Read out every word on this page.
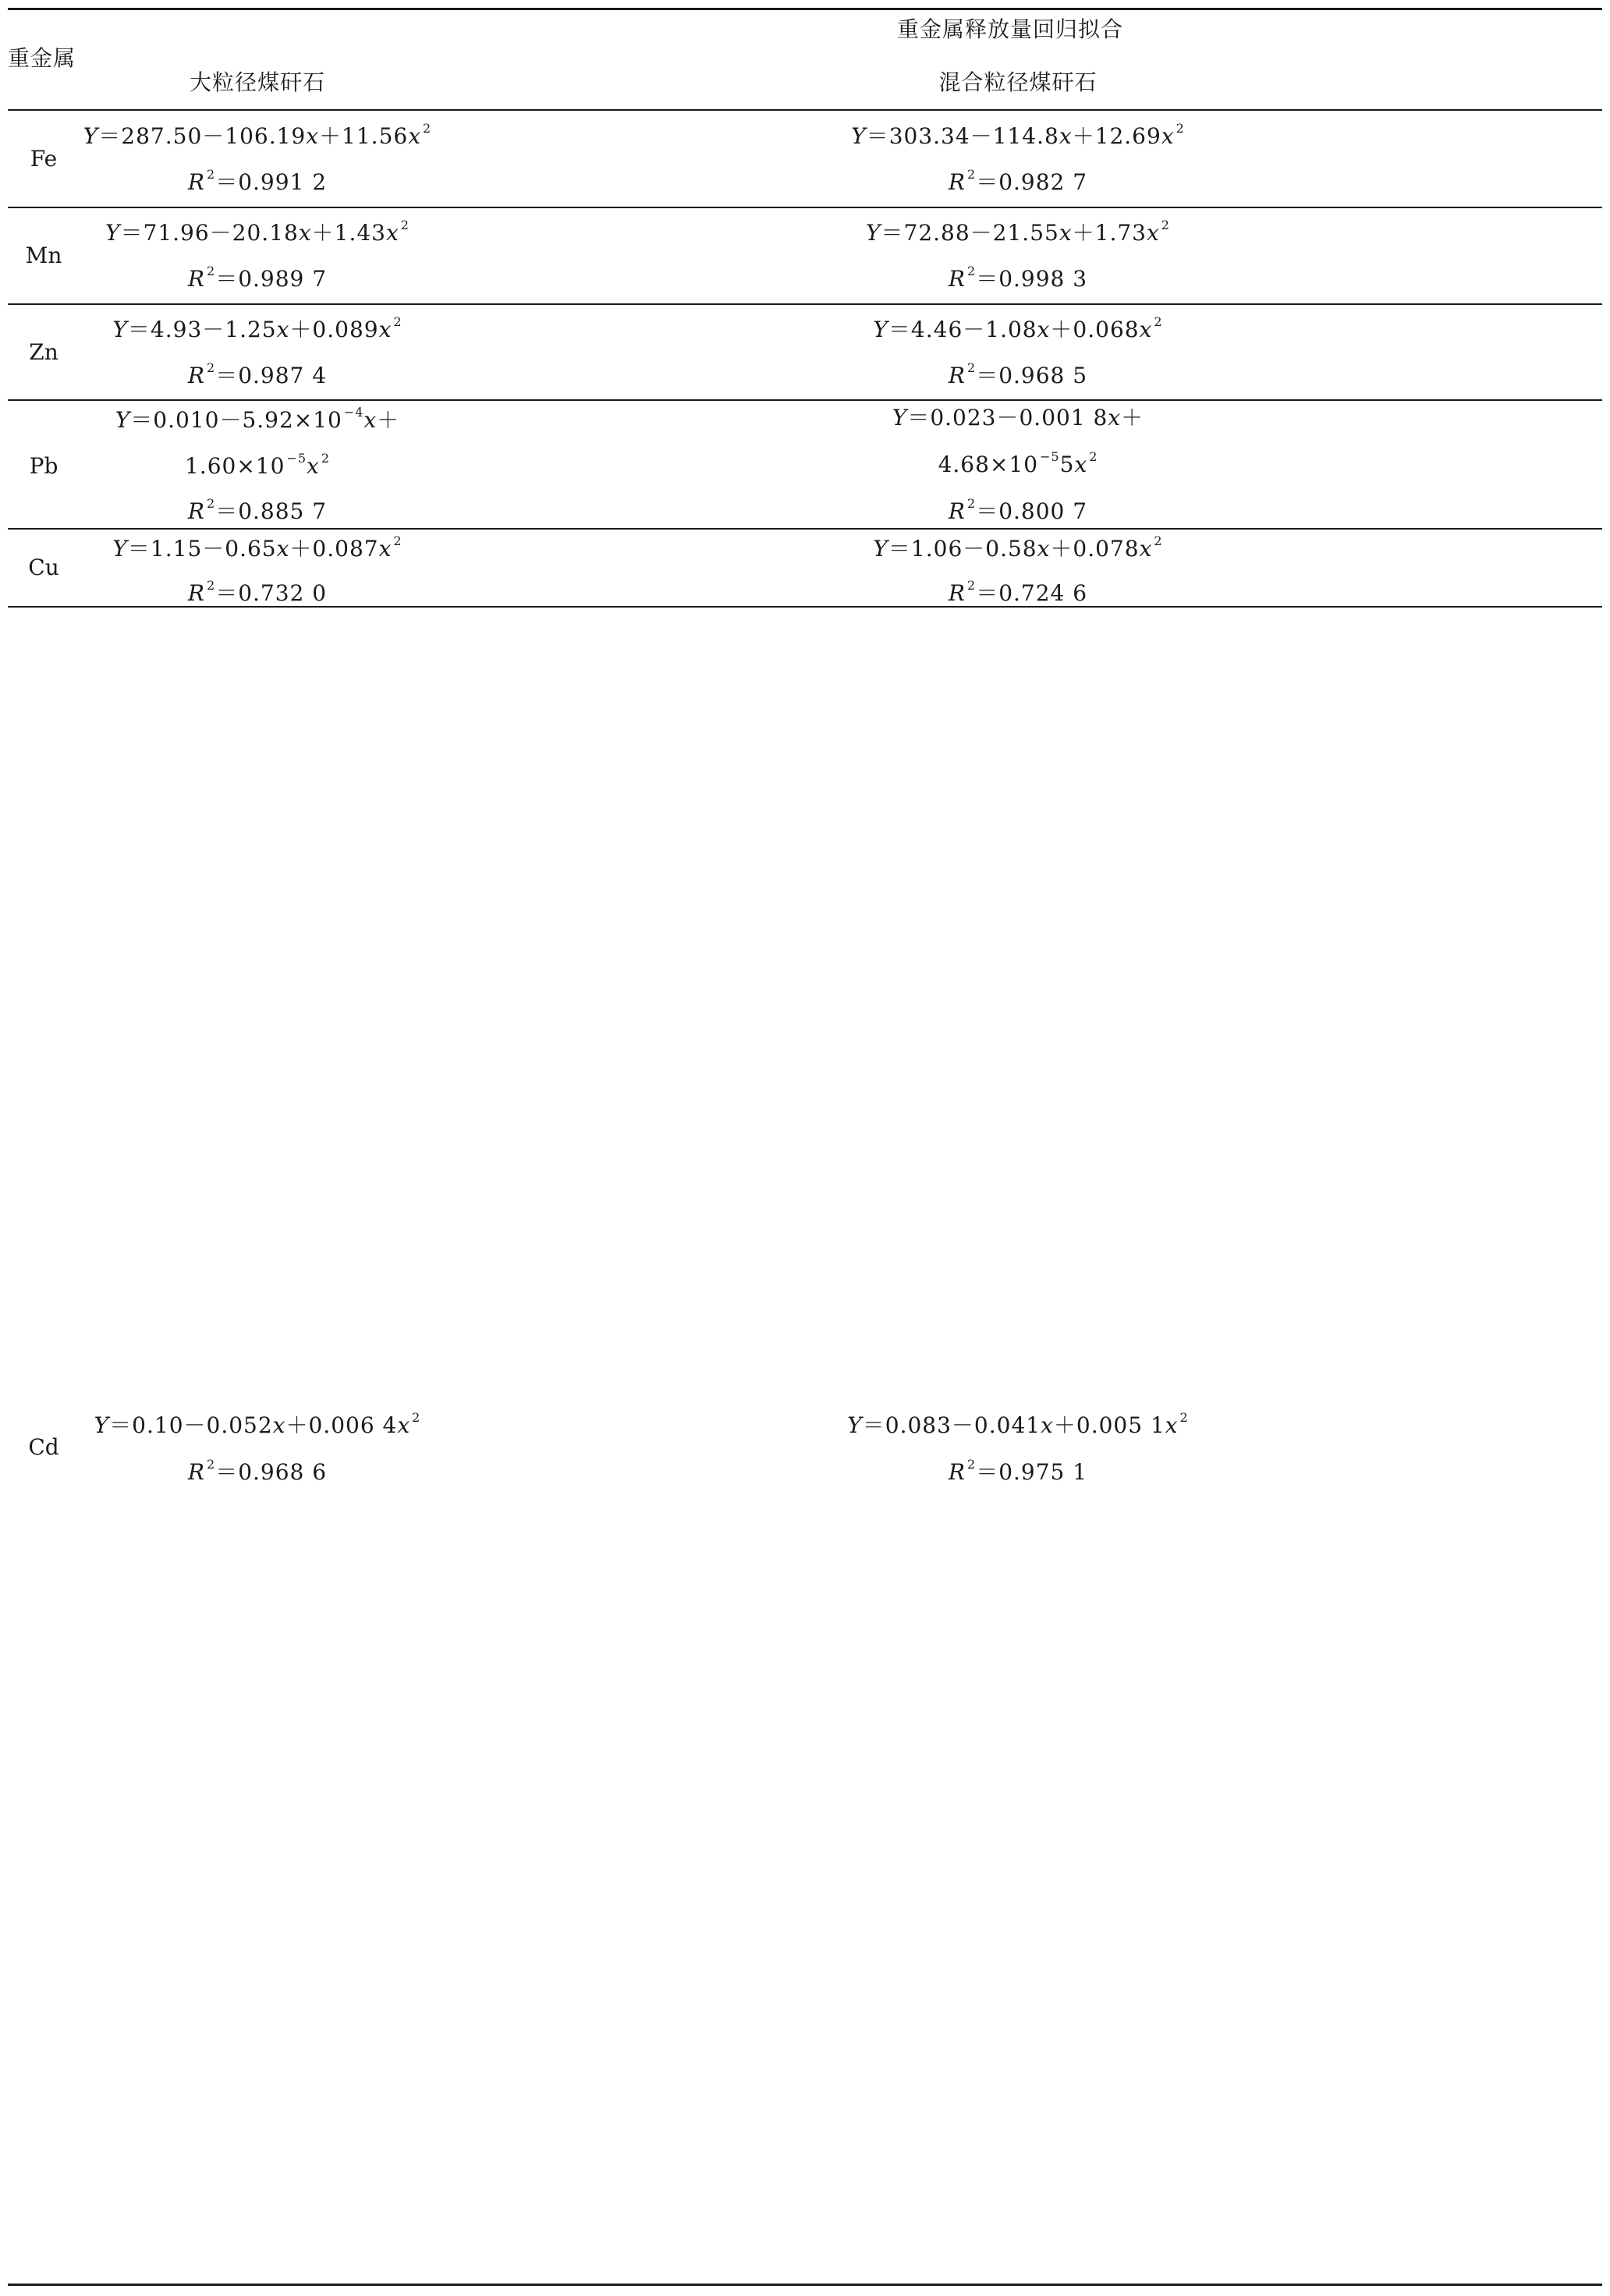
重金属
重金属释放量回归拟合
大粒径煤矸石	混合粒径煤矸石
Fe
Y＝287.50－106.19x＋11.56x $^2$
R $^2$＝0.991 2
Y＝303.34－114.8x＋12.69x $^2$
R $^2$＝0.982 7
Mn
Y＝71.96－20.18x＋1.43x $^2$
R $^2$＝0.989 7
Y＝72.88－21.55x＋1.73x $^2$
R $^2$＝0.998 3
Zn
Y＝4.93－1.25x＋0.089x $^2$
R $^2$＝0.987 4
Y＝4.46－1.08x＋0.068x $^2$
R $^2$＝0.968 5
Pb
Y＝0.010－5.92×10 $^{-4}$x＋
1.60×10 $^{-5}$x $^2$
R $^2$＝0.885 7
Y＝0.023－0.001 8x＋
4.68×10 $^{-5}$5x $^2$
R $^2$＝0.800 7
Cu
Y＝1.15－0.65x＋0.087x $^2$
R $^2$＝0.732 0
Y＝1.06－0.58x＋0.078x $^2$
R $^2$＝0.724 6
Cd
Y＝0.10－0.052x＋0.006 4x $^2$
R $^2$＝0.968 6
Y＝0.083－0.041x＋0.005 1x $^2$
R $^2$＝0.975 1
